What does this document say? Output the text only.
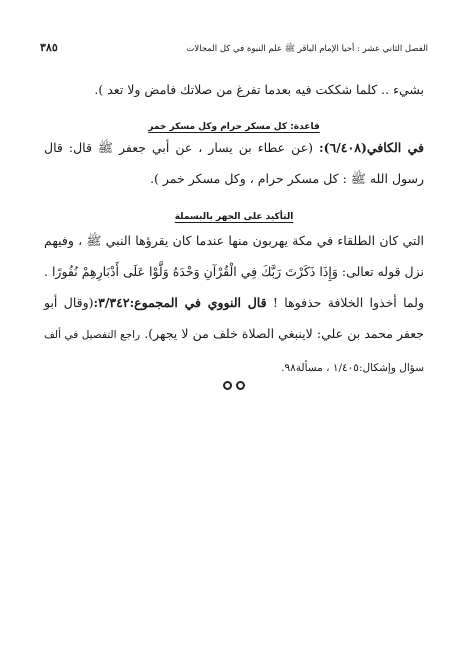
الفصل الثاني عشر : أحيا الإمام الباقر ﷺ علم النبوة في كل المجالات
٣٨٥
بشيء .. كلما شككت فيه بعدما تفرغ من صلاتك فامض ولا تعد ).
قاعدة: كل مسكر حرام وكل مسكر خمر
في الكافي(٦/٤٠٨): (عن عطاء بن يسار ، عن أبي جعفر ﷺ قال: قال رسول الله ﷺ : كل مسكر حرام ، وكل مسكر خمر ).
التأكيد على الجهر بالبسملة
التي كان الطلقاء في مكة يهربون منها عندما كان يقرؤها النبي ﷺ ، وفيهم نزل قوله تعالى: وَإِذَا ذَكَرْتَ رَبَّكَ فِي الْقُرْآنِ وَحْدَهُ وَلَّوْا عَلَى أَدْبَارِهِمْ نُفُورًا . ولما أخذوا الخلافة حذفوها ! قال النووي في المجموع:٣/٣٤٢:(وقال أبو جعفر محمد بن علي: لاينبغي الصلاة خلف من لا يجهر). راجع التفصيل في ألف سؤال وإشكال:١/٤٠٥ ، مسألة٩٨.
